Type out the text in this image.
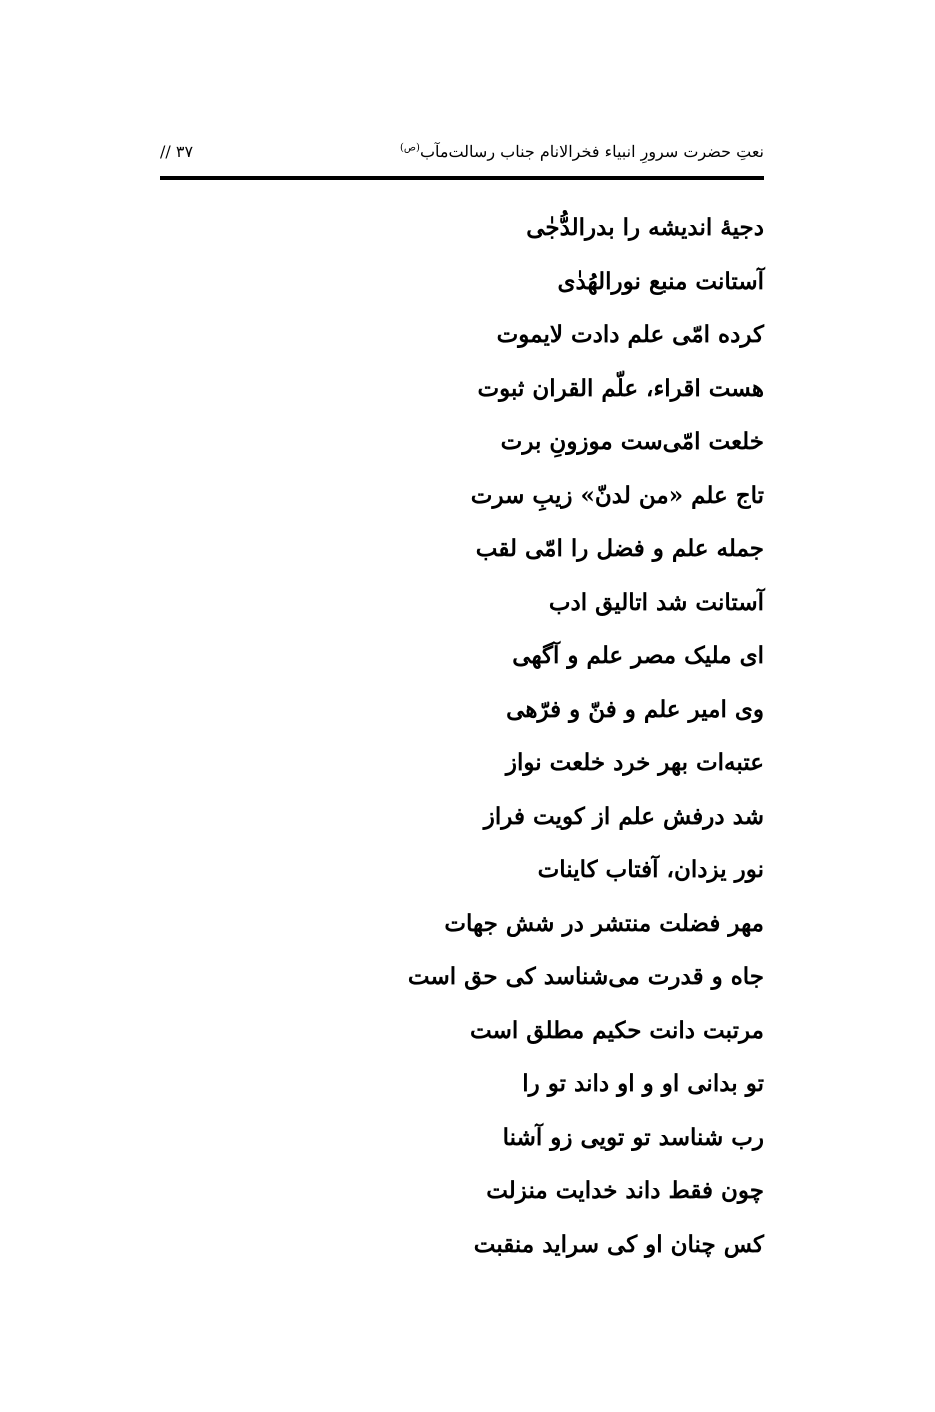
نعتِ حضرت سرورِ انبیاء فخرالانام جناب رسالت‌مآب$^{(ص)}$
۳۷ //
دجیهٔ اندیشه را بدرالدُّجٰی
آستانت منبع نورالهُدٰی
کرده امّی علم دادت لایموت
هست اقراء، علّم القران ثبوت
خلعت امّی‌ست موزونِ برت
تاج علم «من لدنّ» زیبِ سرت
جمله علم و فضل را امّی لقب
آستانت شد اتالیق ادب
ای ملیک مصر علم و آگهی
وی امیر علم و فنّ و فرّهی
عتبه‌ات بهر خرد خلعت نواز
شد درفش علم از کویت فراز
نور یزدان، آفتاب کاینات
مهر فضلت منتشر در شش جهات
جاه و قدرت می‌شناسد کی حق است
مرتبت دانت حکیم مطلق است
تو بدانی او و او داند تو را
رب شناسد تو تویی زو آشنا
چون فقط داند خدایت منزلت
کس چنان او کی سراید منقبت
